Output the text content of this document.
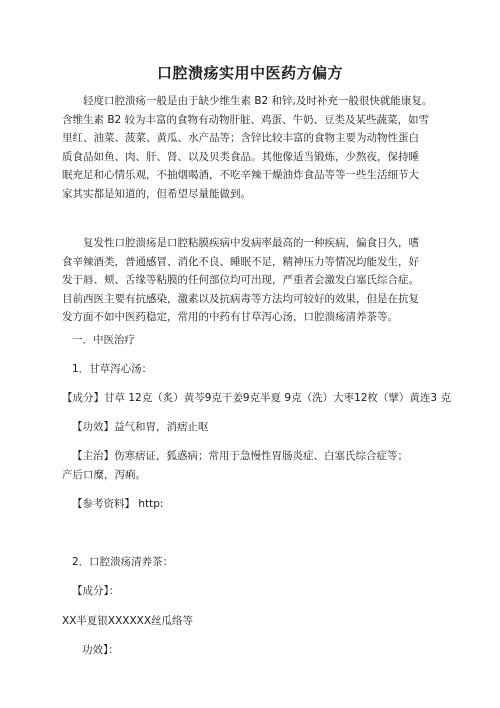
口腔溃疡实用中医药方偏方
　　轻度口腔溃疡一般是由于缺少维生素 B2 和锌,及时补充一般很快就能康复。
含维生素 B2 较为丰富的食物有动物肝脏、鸡蛋、牛奶、豆类及某些蔬菜，如雪
里红、油菜、菠菜、黄瓜、水产品等；含锌比较丰富的食物主要为动物性蛋白
质食品如鱼、肉、肝、肾、以及贝类食品。其他像适当锻炼，少熬夜，保持睡
眠充足和心情乐观，不抽烟喝酒，不吃辛辣干燥油炸食品等等一些生活细节大
家其实都是知道的，但希望尽量能做到。
　　复发性口腔溃疡是口腔粘膜疾病中发病率最高的一种疾病，偏食日久，嗜
食辛辣酒类，普通感冒、消化不良、睡眠不足，精神压力等情况均能发生，好
发于唇、颊、舌缘等粘膜的任何部位均可出现，严重者会激发白塞氏综合症。
目前西医主要有抗感染，激素以及抗病毒等方法均可较好的效果，但是在抗复
发方面不如中医药稳定，常用的中药有甘草泻心汤，口腔溃疡清养茶等。
一．中医治疗
1．甘草泻心汤：
【成分】甘草 12克（炙）黄芩9克干姜9克半夏 9克（洗）大枣12枚（擘）黄连3 克
【功效】益气和胃，消痞止呕
【主治】伤寒痞证，狐惑病；常用于急慢性胃肠炎症、白塞氏综合症等；
产后口糜，泻痢。
【参考资料】 http:
2．口腔溃疡清养茶：
【成分】：
XX半夏银XXXXXX丝瓜络等
功效】：
